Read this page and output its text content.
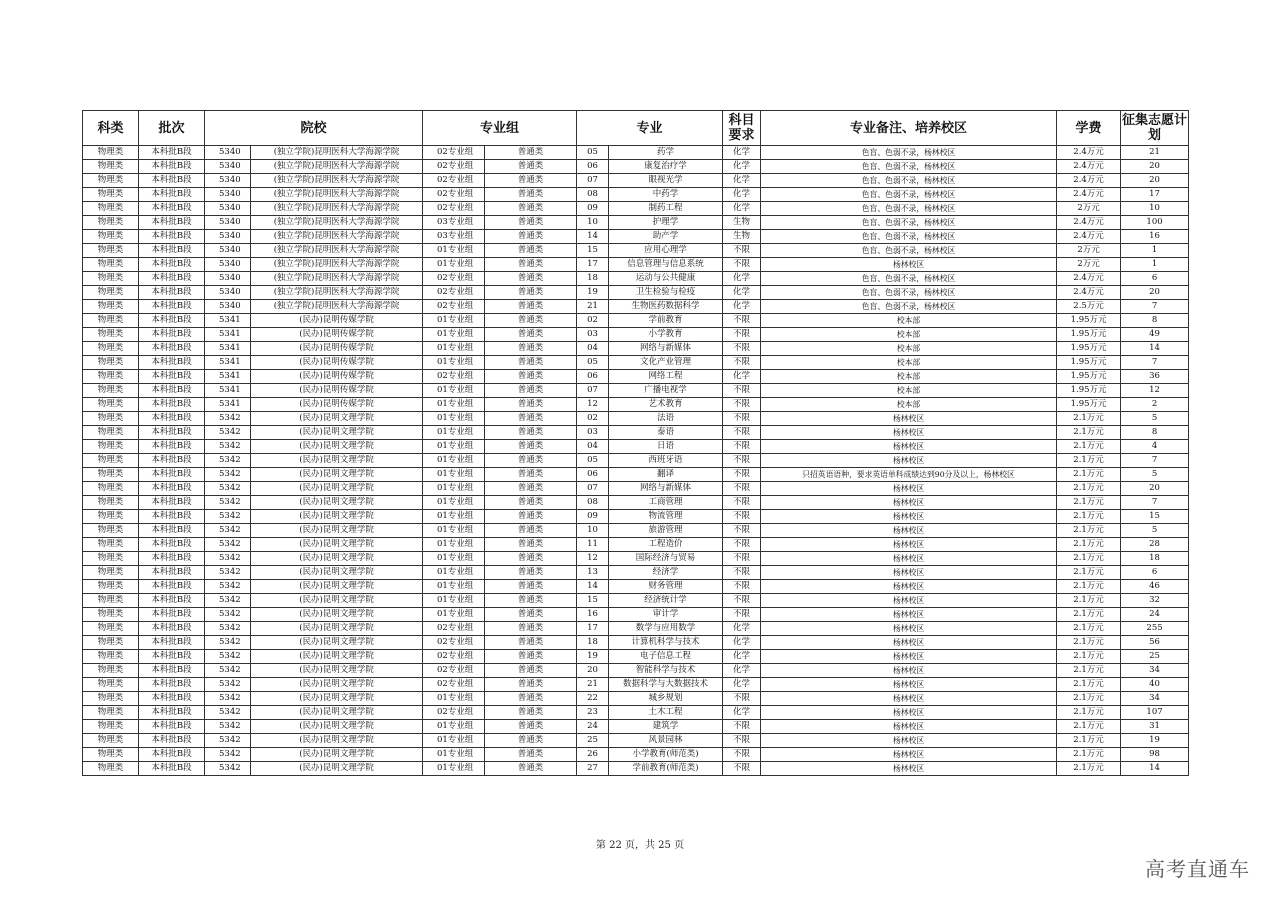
科类	批次	院校		专业组		专业		科目要求	专业备注、培养校区	学费	征集志愿计划
物理类	本科批B段	5340	(独立学院)昆明医科大学海源学院	02专业组	普通类	05	药学	化学	色盲、色弱不录，杨林校区	2.4万元	21
物理类	本科批B段	5340	(独立学院)昆明医科大学海源学院	02专业组	普通类	06	康复治疗学	化学	色盲、色弱不录，杨林校区	2.4万元	20
物理类	本科批B段	5340	(独立学院)昆明医科大学海源学院	02专业组	普通类	07	眼视光学	化学	色盲、色弱不录，杨林校区	2.4万元	20
物理类	本科批B段	5340	(独立学院)昆明医科大学海源学院	02专业组	普通类	08	中药学	化学	色盲、色弱不录，杨林校区	2.4万元	17
物理类	本科批B段	5340	(独立学院)昆明医科大学海源学院	02专业组	普通类	09	制药工程	化学	色盲、色弱不录，杨林校区	2万元	10
物理类	本科批B段	5340	(独立学院)昆明医科大学海源学院	03专业组	普通类	10	护理学	生物	色盲、色弱不录，杨林校区	2.4万元	100
物理类	本科批B段	5340	(独立学院)昆明医科大学海源学院	03专业组	普通类	14	助产学	生物	色盲、色弱不录，杨林校区	2.4万元	16
物理类	本科批B段	5340	(独立学院)昆明医科大学海源学院	01专业组	普通类	15	应用心理学	不限	色盲、色弱不录，杨林校区	2万元	1
物理类	本科批B段	5340	(独立学院)昆明医科大学海源学院	01专业组	普通类	17	信息管理与信息系统	不限	杨林校区	2万元	1
物理类	本科批B段	5340	(独立学院)昆明医科大学海源学院	02专业组	普通类	18	运动与公共健康	化学	色盲、色弱不录，杨林校区	2.4万元	6
物理类	本科批B段	5340	(独立学院)昆明医科大学海源学院	02专业组	普通类	19	卫生检验与检疫	化学	色盲、色弱不录，杨林校区	2.4万元	20
物理类	本科批B段	5340	(独立学院)昆明医科大学海源学院	02专业组	普通类	21	生物医药数据科学	化学	色盲、色弱不录，杨林校区	2.5万元	7
物理类	本科批B段	5341	(民办)昆明传媒学院	01专业组	普通类	02	学前教育	不限	校本部	1.95万元	8
物理类	本科批B段	5341	(民办)昆明传媒学院	01专业组	普通类	03	小学教育	不限	校本部	1.95万元	49
物理类	本科批B段	5341	(民办)昆明传媒学院	01专业组	普通类	04	网络与新媒体	不限	校本部	1.95万元	14
物理类	本科批B段	5341	(民办)昆明传媒学院	01专业组	普通类	05	文化产业管理	不限	校本部	1.95万元	7
物理类	本科批B段	5341	(民办)昆明传媒学院	02专业组	普通类	06	网络工程	化学	校本部	1.95万元	36
物理类	本科批B段	5341	(民办)昆明传媒学院	01专业组	普通类	07	广播电视学	不限	校本部	1.95万元	12
物理类	本科批B段	5341	(民办)昆明传媒学院	01专业组	普通类	12	艺术教育	不限	校本部	1.95万元	2
物理类	本科批B段	5342	(民办)昆明文理学院	01专业组	普通类	02	法语	不限	杨林校区	2.1万元	5
物理类	本科批B段	5342	(民办)昆明文理学院	01专业组	普通类	03	泰语	不限	杨林校区	2.1万元	8
物理类	本科批B段	5342	(民办)昆明文理学院	01专业组	普通类	04	日语	不限	杨林校区	2.1万元	4
物理类	本科批B段	5342	(民办)昆明文理学院	01专业组	普通类	05	西班牙语	不限	杨林校区	2.1万元	7
物理类	本科批B段	5342	(民办)昆明文理学院	01专业组	普通类	06	翻译	不限	只招英语语种，要求英语单科成绩达到90分及以上，杨林校区	2.1万元	5
物理类	本科批B段	5342	(民办)昆明文理学院	01专业组	普通类	07	网络与新媒体	不限	杨林校区	2.1万元	20
物理类	本科批B段	5342	(民办)昆明文理学院	01专业组	普通类	08	工商管理	不限	杨林校区	2.1万元	7
物理类	本科批B段	5342	(民办)昆明文理学院	01专业组	普通类	09	物流管理	不限	杨林校区	2.1万元	15
物理类	本科批B段	5342	(民办)昆明文理学院	01专业组	普通类	10	旅游管理	不限	杨林校区	2.1万元	5
物理类	本科批B段	5342	(民办)昆明文理学院	01专业组	普通类	11	工程造价	不限	杨林校区	2.1万元	28
物理类	本科批B段	5342	(民办)昆明文理学院	01专业组	普通类	12	国际经济与贸易	不限	杨林校区	2.1万元	18
物理类	本科批B段	5342	(民办)昆明文理学院	01专业组	普通类	13	经济学	不限	杨林校区	2.1万元	6
物理类	本科批B段	5342	(民办)昆明文理学院	01专业组	普通类	14	财务管理	不限	杨林校区	2.1万元	46
物理类	本科批B段	5342	(民办)昆明文理学院	01专业组	普通类	15	经济统计学	不限	杨林校区	2.1万元	32
物理类	本科批B段	5342	(民办)昆明文理学院	01专业组	普通类	16	审计学	不限	杨林校区	2.1万元	24
物理类	本科批B段	5342	(民办)昆明文理学院	02专业组	普通类	17	数学与应用数学	化学	杨林校区	2.1万元	255
物理类	本科批B段	5342	(民办)昆明文理学院	02专业组	普通类	18	计算机科学与技术	化学	杨林校区	2.1万元	56
物理类	本科批B段	5342	(民办)昆明文理学院	02专业组	普通类	19	电子信息工程	化学	杨林校区	2.1万元	25
物理类	本科批B段	5342	(民办)昆明文理学院	02专业组	普通类	20	智能科学与技术	化学	杨林校区	2.1万元	34
物理类	本科批B段	5342	(民办)昆明文理学院	02专业组	普通类	21	数据科学与大数据技术	化学	杨林校区	2.1万元	40
物理类	本科批B段	5342	(民办)昆明文理学院	01专业组	普通类	22	城乡规划	不限	杨林校区	2.1万元	34
物理类	本科批B段	5342	(民办)昆明文理学院	02专业组	普通类	23	土木工程	化学	杨林校区	2.1万元	107
物理类	本科批B段	5342	(民办)昆明文理学院	01专业组	普通类	24	建筑学	不限	杨林校区	2.1万元	31
物理类	本科批B段	5342	(民办)昆明文理学院	01专业组	普通类	25	风景园林	不限	杨林校区	2.1万元	19
物理类	本科批B段	5342	(民办)昆明文理学院	01专业组	普通类	26	小学教育(师范类)	不限	杨林校区	2.1万元	98
物理类	本科批B段	5342	(民办)昆明文理学院	01专业组	普通类	27	学前教育(师范类)	不限	杨林校区	2.1万元	14
第 22 页，共 25 页
高考直通车
